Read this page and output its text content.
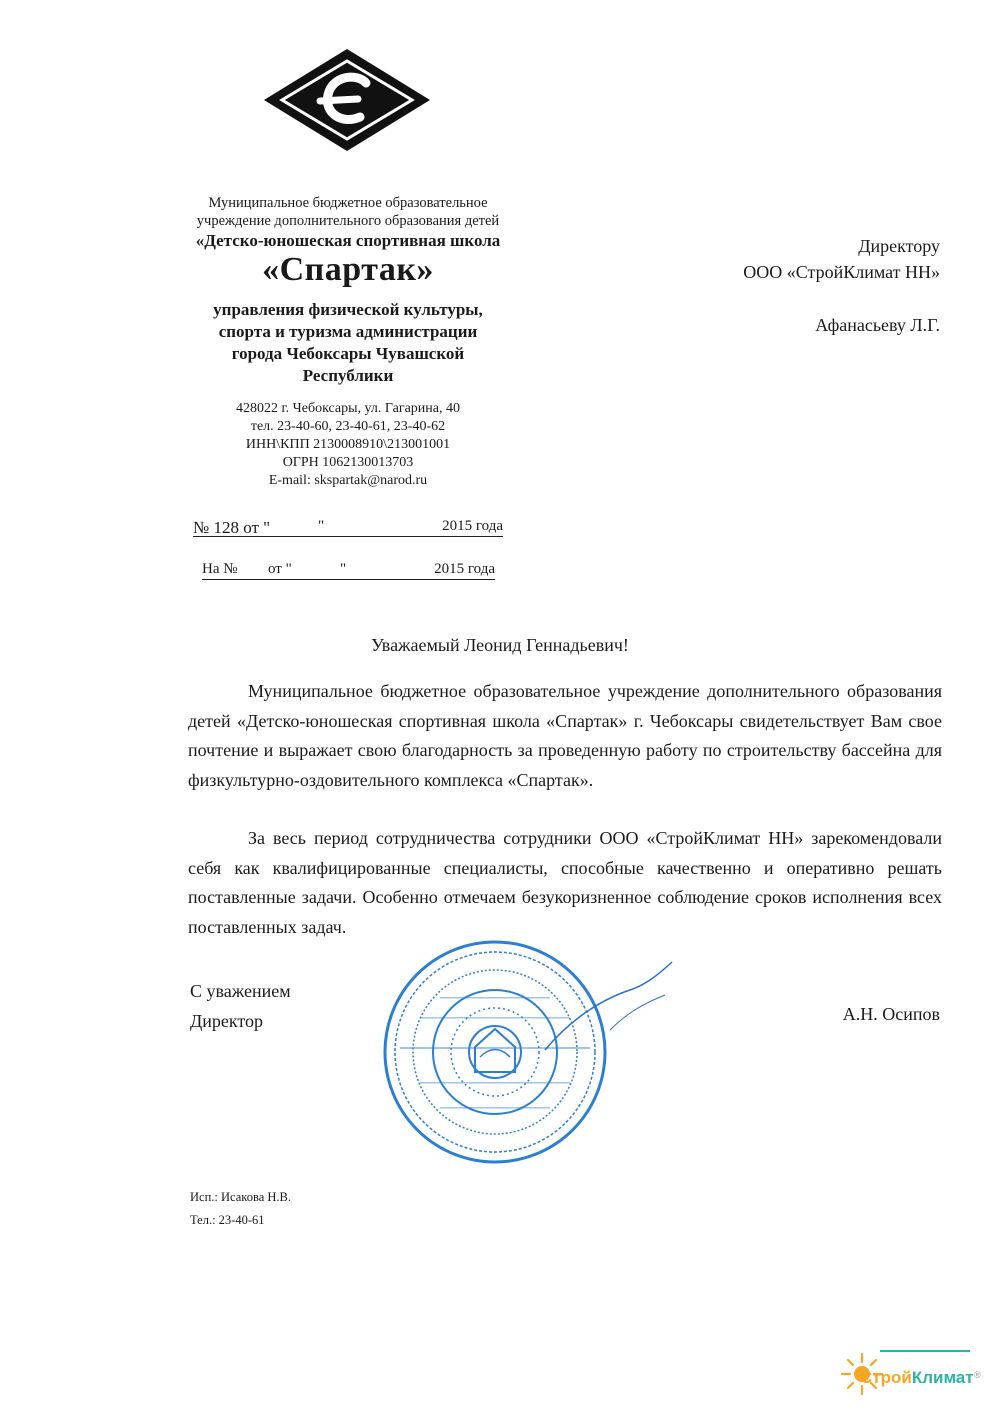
Муниципальное бюджетное образовательное
учреждение дополнительного образования детей
«Детско-юношеская спортивная школа
«Спартак»
управления физической культуры,
спорта и туризма администрации
города Чебоксары Чувашской
Республики
428022 г. Чебоксары, ул. Гагарина, 40
тел. 23-40-60, 23-40-61, 23-40-62
ИНН\КПП 2130008910\213001001
ОГРН 1062130013703
E-mail: skspartak@narod.ru
№ 128 от "	"	2015 года
На № от "	"	2015 года
Директору
ООО «СтройКлимат НН»
Афанасьеву Л.Г.
Уважаемый Леонид Геннадьевич!
Муниципальное бюджетное образовательное учреждение дополнительного образования детей «Детско-юношеская спортивная школа «Спартак» г. Чебоксары свидетельствует Вам свое почтение и выражает свою благодарность за проведенную работу по строительству бассейна для физкультурно-оздовительного комплекса «Спартак».
За весь период сотрудничества сотрудники ООО «СтройКлимат НН» зарекомендовали себя как квалифицированные специалисты, способные качественно и оперативно решать поставленные задачи. Особенно отмечаем безукоризненное соблюдение сроков исполнения всех поставленных задач.
С уважением
Директор	А.Н. Осипов
Исп.: Исакова Н.В.
Тел.: 23-40-61
СтройКлимат ®
